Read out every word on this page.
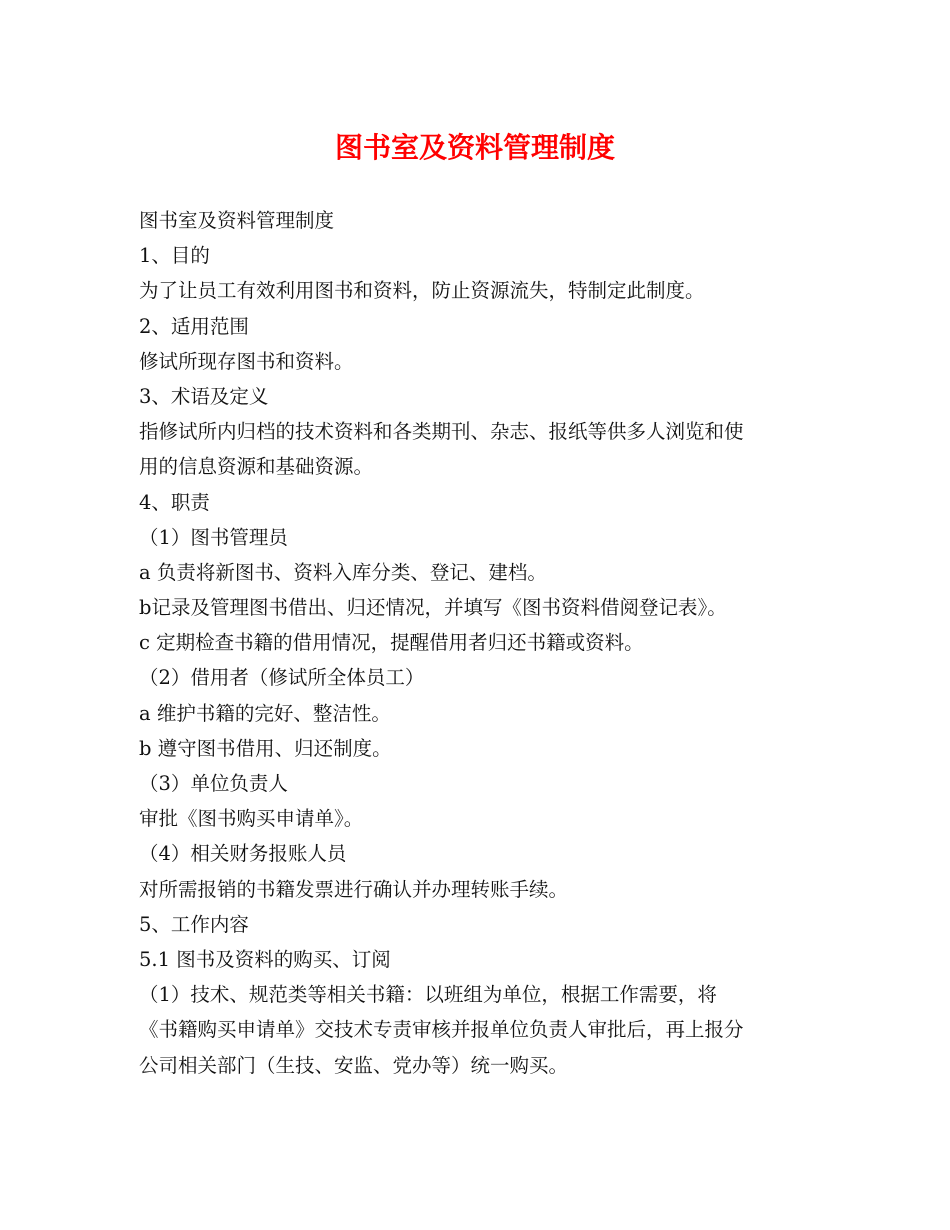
图书室及资料管理制度

图书室及资料管理制度

1、目的

为了让员工有效利用图书和资料，防止资源流失，特制定此制度。

2、适用范围

修试所现存图书和资料。

3、术语及定义

指修试所内归档的技术资料和各类期刊、杂志、报纸等供多人浏览和使

用的信息资源和基础资源。

4、职责

（1）图书管理员

a 负责将新图书、资料入库分类、登记、建档。

b记录及管理图书借出、归还情况，并填写《图书资料借阅登记表》。

c 定期检查书籍的借用情况，提醒借用者归还书籍或资料。

（2）借用者（修试所全体员工）

a 维护书籍的完好、整洁性。

b 遵守图书借用、归还制度。

（3）单位负责人

审批《图书购买申请单》。

（4）相关财务报账人员

对所需报销的书籍发票进行确认并办理转账手续。

5、工作内容

5.1 图书及资料的购买、订阅

（1）技术、规范类等相关书籍：以班组为单位，根据工作需要，将

《书籍购买申请单》交技术专责审核并报单位负责人审批后，再上报分

公司相关部门（生技、安监、党办等）统一购买。
